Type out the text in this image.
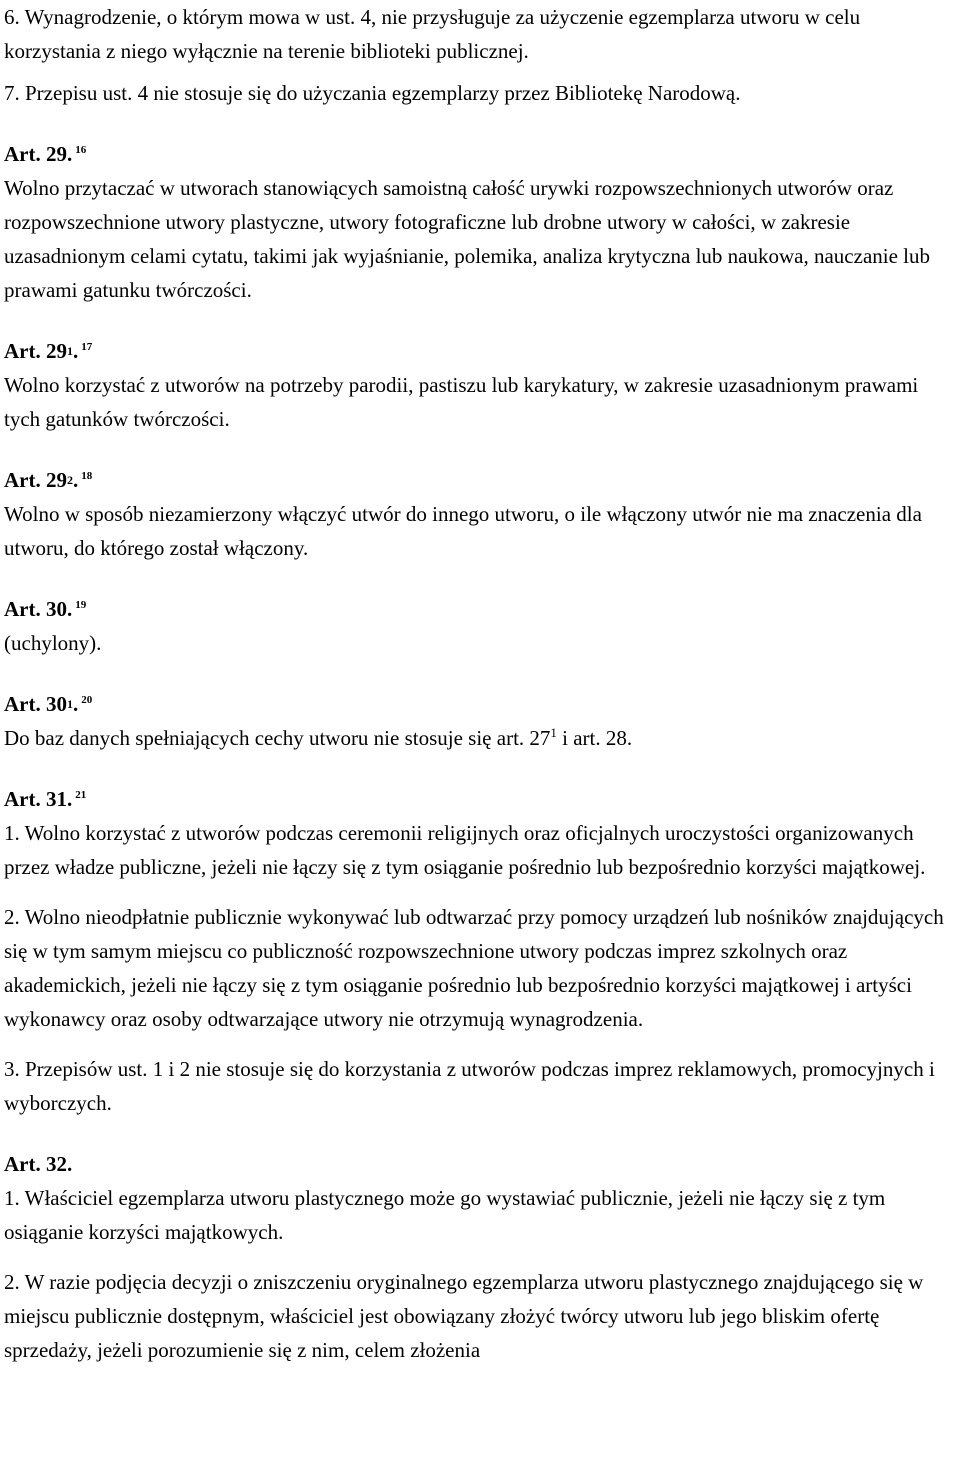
6. Wynagrodzenie, o którym mowa w ust. 4, nie przysługuje za użyczenie egzemplarza utworu w celu korzystania z niego wyłącznie na terenie biblioteki publicznej.

7. Przepisu ust. 4 nie stosuje się do użyczania egzemplarzy przez Bibliotekę Narodową.

Art. 29. $^{16}$

Wolno przytaczać w utworach stanowiących samoistną całość urywki rozpowszechnionych utworów oraz rozpowszechnione utwory plastyczne, utwory fotograficzne lub drobne utwory w całości, w zakresie uzasadnionym celami cytatu, takimi jak wyjaśnianie, polemika, analiza krytyczna lub naukowa, nauczanie lub prawami gatunku twórczości.

Art. 291. $^{17}$

Wolno korzystać z utworów na potrzeby parodii, pastiszu lub karykatury, w zakresie uzasadnionym prawami tych gatunków twórczości.

Art. 292. $^{18}$

Wolno w sposób niezamierzony włączyć utwór do innego utworu, o ile włączony utwór nie ma znaczenia dla utworu, do którego został włączony.

Art. 30. $^{19}$

(uchylony).

Art. 301. $^{20}$

Do baz danych spełniających cechy utworu nie stosuje się art. $27^1$ i art. 28.

Art. 31. $^{21}$

1. Wolno korzystać z utworów podczas ceremonii religijnych oraz oficjalnych uroczystości organizowanych przez władze publiczne, jeżeli nie łączy się z tym osiąganie pośrednio lub bezpośrednio korzyści majątkowej.

2. Wolno nieodpłatnie publicznie wykonywać lub odtwarzać przy pomocy urządzeń lub nośników znajdujących się w tym samym miejscu co publiczność rozpowszechnione utwory podczas imprez szkolnych oraz akademickich, jeżeli nie łączy się z tym osiąganie pośrednio lub bezpośrednio korzyści majątkowej i artyści wykonawcy oraz osoby odtwarzające utwory nie otrzymują wynagrodzenia.

3. Przepisów ust. 1 i 2 nie stosuje się do korzystania z utworów podczas imprez reklamowych, promocyjnych i wyborczych.

Art. 32.

1. Właściciel egzemplarza utworu plastycznego może go wystawiać publicznie, jeżeli nie łączy się z tym osiąganie korzyści majątkowych.

2. W razie podjęcia decyzji o zniszczeniu oryginalnego egzemplarza utworu plastycznego znajdującego się w miejscu publicznie dostępnym, właściciel jest obowiązany złożyć twórcy utworu lub jego bliskim ofertę sprzedaży, jeżeli porozumienie się z nim, celem złożenia
